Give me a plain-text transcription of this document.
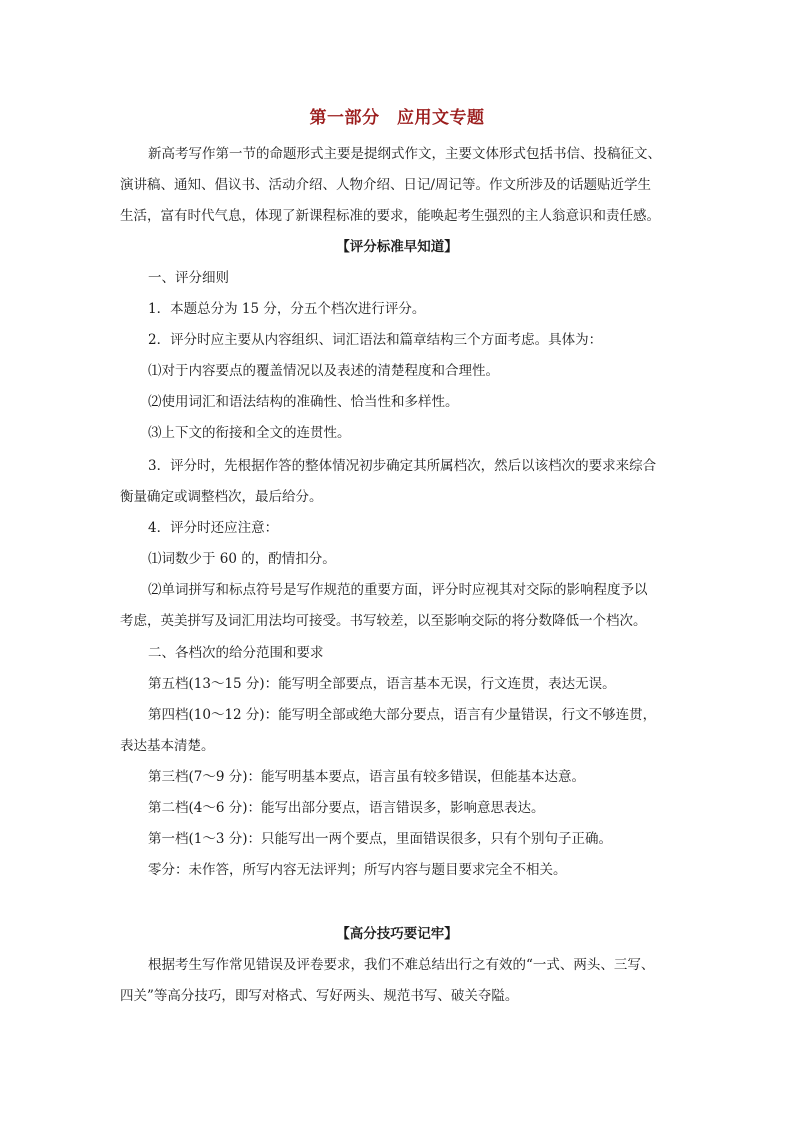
第一部分　应用文专题
新高考写作第一节的命题形式主要是提纲式作文，主要文体形式包括书信、投稿征文、
演讲稿、通知、倡议书、活动介绍、人物介绍、日记/周记等。作文所涉及的话题贴近学生
生活，富有时代气息，体现了新课程标准的要求，能唤起考生强烈的主人翁意识和责任感。
【评分标准早知道】
一、评分细则
1．本题总分为 15 分，分五个档次进行评分。
2．评分时应主要从内容组织、词汇语法和篇章结构三个方面考虑。具体为：
⑴对于内容要点的覆盖情况以及表述的清楚程度和合理性。
⑵使用词汇和语法结构的准确性、恰当性和多样性。
⑶上下文的衔接和全文的连贯性。
3．评分时，先根据作答的整体情况初步确定其所属档次，然后以该档次的要求来综合
衡量确定或调整档次，最后给分。
4．评分时还应注意：
⑴词数少于 60 的，酌情扣分。
⑵单词拼写和标点符号是写作规范的重要方面，评分时应视其对交际的影响程度予以
考虑，英美拼写及词汇用法均可接受。书写较差，以至影响交际的将分数降低一个档次。
二、各档次的给分范围和要求
第五档(13～15 分)：能写明全部要点，语言基本无误，行文连贯，表达无误。
第四档(10～12 分)：能写明全部或绝大部分要点，语言有少量错误，行文不够连贯，
表达基本清楚。
第三档(7～9 分)：能写明基本要点，语言虽有较多错误，但能基本达意。
第二档(4～6 分)：能写出部分要点，语言错误多，影响意思表达。
第一档(1～3 分)：只能写出一两个要点，里面错误很多，只有个别句子正确。
零分：未作答，所写内容无法评判；所写内容与题目要求完全不相关。
【高分技巧要记牢】
根据考生写作常见错误及评卷要求，我们不难总结出行之有效的“一式、两头、三写、
四关”等高分技巧，即写对格式、写好两头、规范书写、破关夺隘。
